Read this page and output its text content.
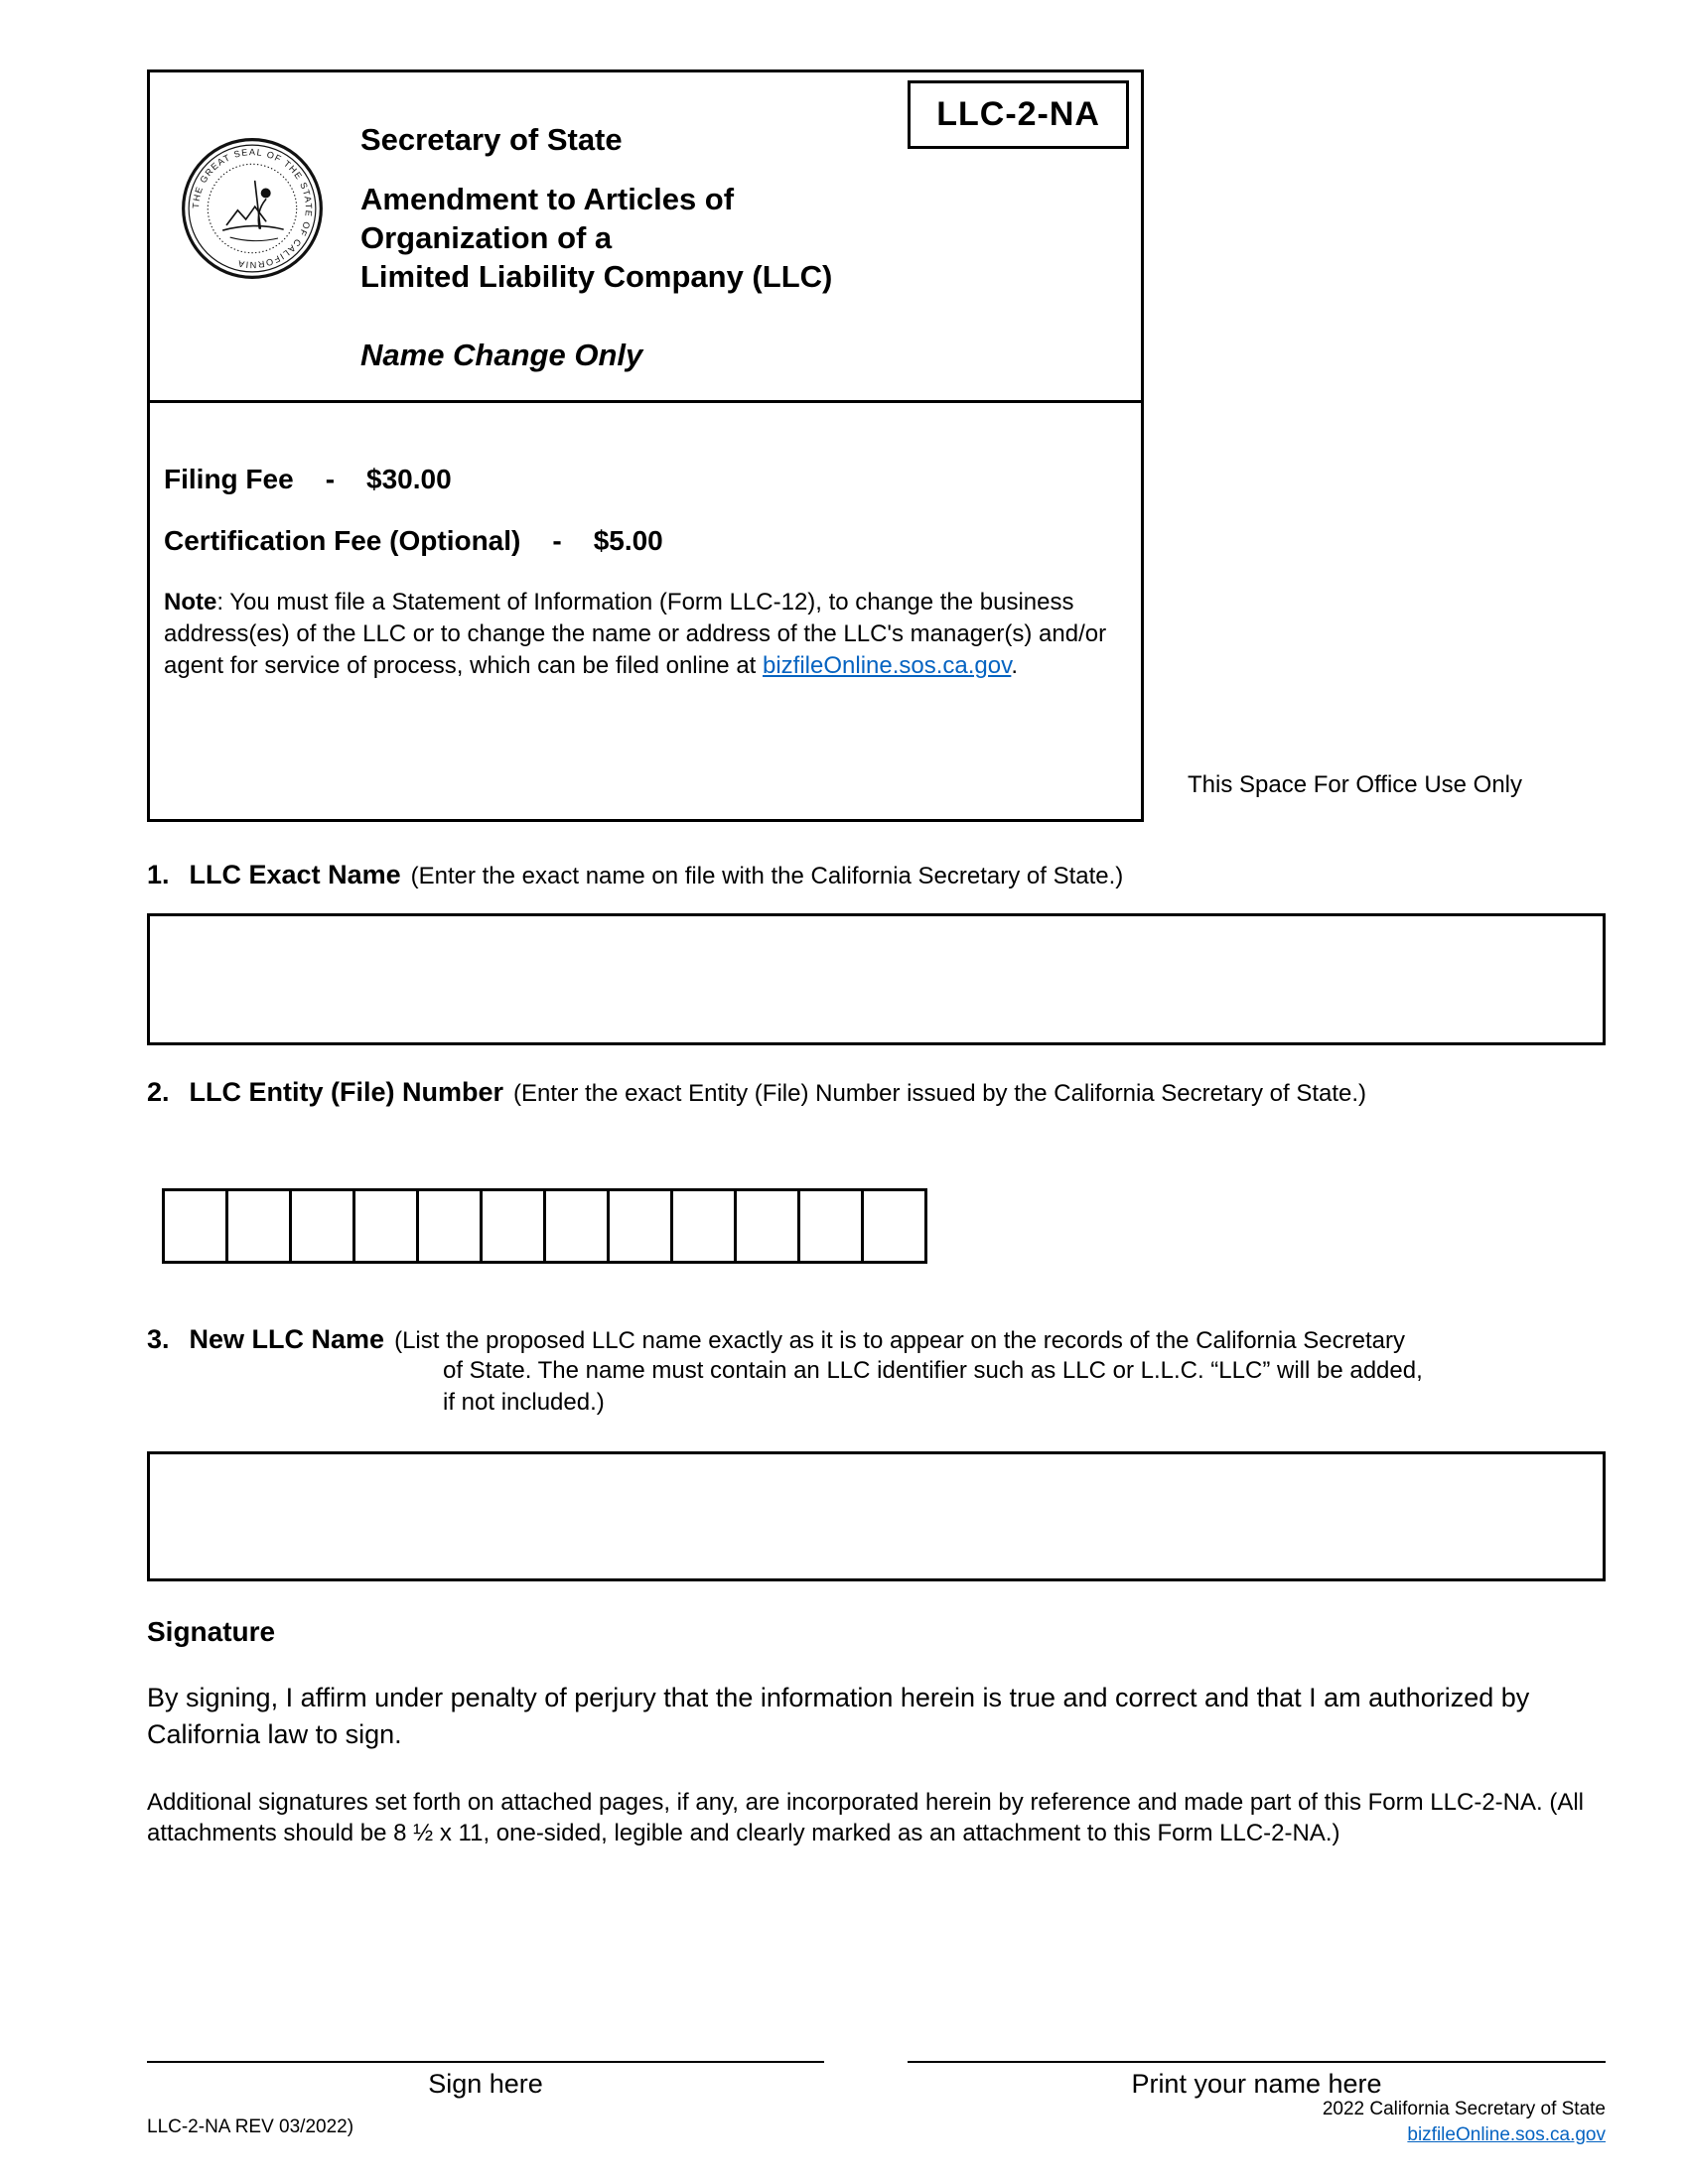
LLC-2-NA
THE GREAT SEAL OF THE STATE OF CALIFORNIA
Secretary of State
Amendment to Articles of
Organization of a
Limited Liability Company (LLC)
Name Change Only
Filing Fee - $30.00
Certification Fee (Optional) - $5.00

Note: You must file a Statement of Information (Form LLC-12), to change the business address(es) of the LLC or to change the name or address of the LLC's manager(s) and/or agent for service of process, which can be filed online at bizfileOnline.sos.ca.gov.

This Space For Office Use Only
1. LLC Exact Name (Enter the exact name on file with the California Secretary of State.)
2. LLC Entity (File) Number (Enter the exact Entity (File) Number issued by the California Secretary of State.)
3. New LLC Name (List the proposed LLC name exactly as it is to appear on the records of the California Secretary
of State. The name must contain an LLC identifier such as LLC or L.L.C. “LLC” will be added,
if not included.)
Signature

By signing, I affirm under penalty of perjury that the information herein is true and correct and that I am authorized by California law to sign.

Additional signatures set forth on attached pages, if any, are incorporated herein by reference and made part of this Form LLC-2-NA. (All attachments should be 8 ½ x 11, one-sided, legible and clearly marked as an attachment to this Form LLC-2-NA.)

Sign here	Print your name here
LLC-2-NA REV 03/2022)
2022 California Secretary of State
bizfileOnline.sos.ca.gov
